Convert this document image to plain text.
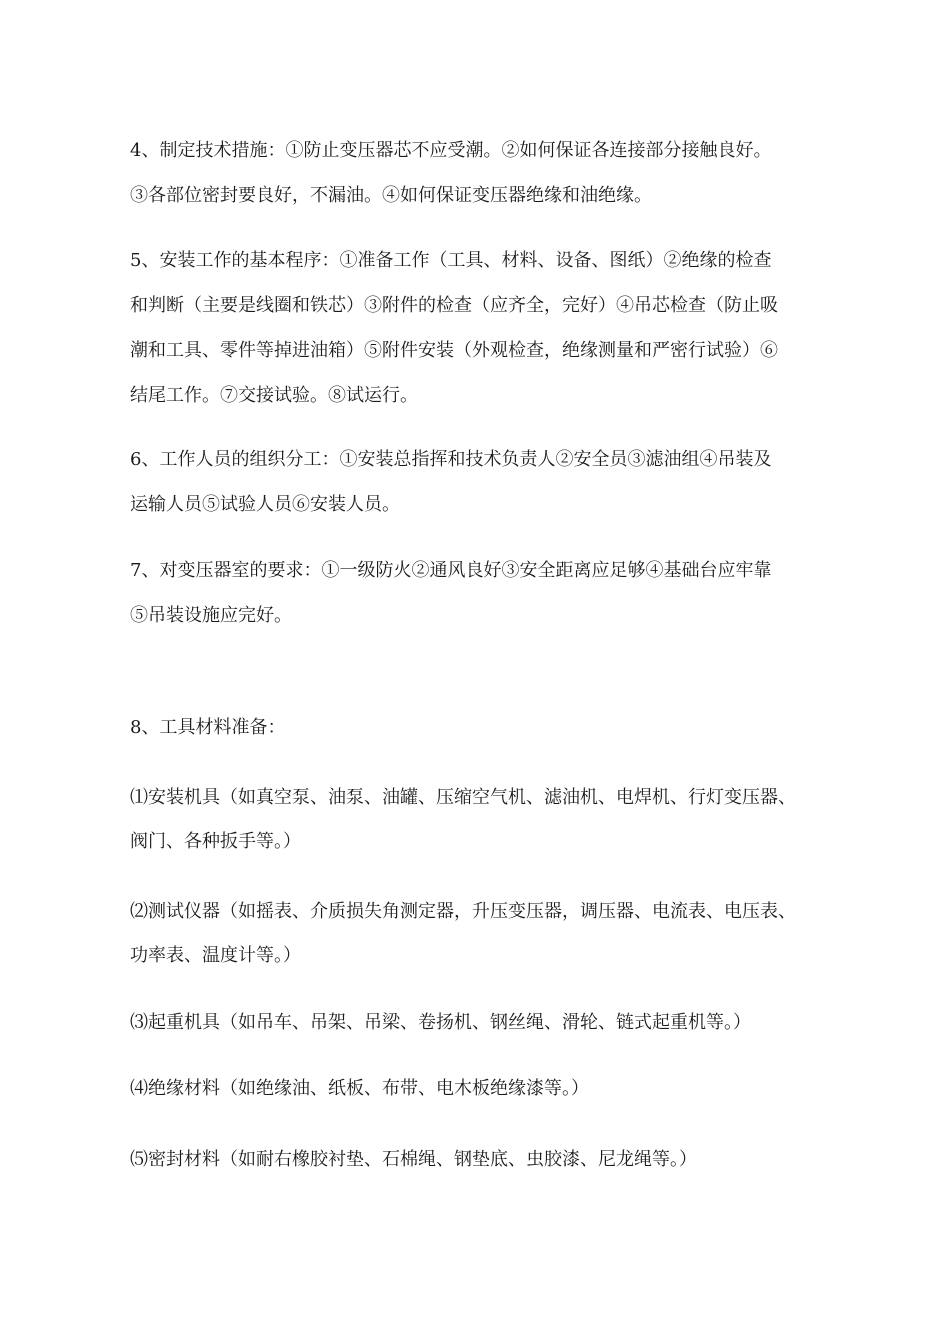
4、制定技术措施：①防止变压器芯不应受潮。②如何保证各连接部分接触良好。
③各部位密封要良好，不漏油。④如何保证变压器绝缘和油绝缘。
5、安装工作的基本程序：①准备工作（工具、材料、设备、图纸）②绝缘的检查
和判断（主要是线圈和铁芯）③附件的检查（应齐全，完好）④吊芯检查（防止吸
潮和工具、零件等掉进油箱）⑤附件安装（外观检查，绝缘测量和严密行试验）⑥
结尾工作。⑦交接试验。⑧试运行。
6、工作人员的组织分工：①安装总指挥和技术负责人②安全员③滤油组④吊装及
运输人员⑤试验人员⑥安装人员。
7、对变压器室的要求：①一级防火②通风良好③安全距离应足够④基础台应牢靠
⑤吊装设施应完好。
8、工具材料准备：
⑴安装机具（如真空泵、油泵、油罐、压缩空气机、滤油机、电焊机、行灯变压器、
阀门、各种扳手等。）
⑵测试仪器（如摇表、介质损失角测定器，升压变压器，调压器、电流表、电压表、
功率表、温度计等。）
⑶起重机具（如吊车、吊架、吊梁、卷扬机、钢丝绳、滑轮、链式起重机等。）
⑷绝缘材料（如绝缘油、纸板、布带、电木板绝缘漆等。）
⑸密封材料（如耐右橡胶衬垫、石棉绳、钢垫底、虫胶漆、尼龙绳等。）
